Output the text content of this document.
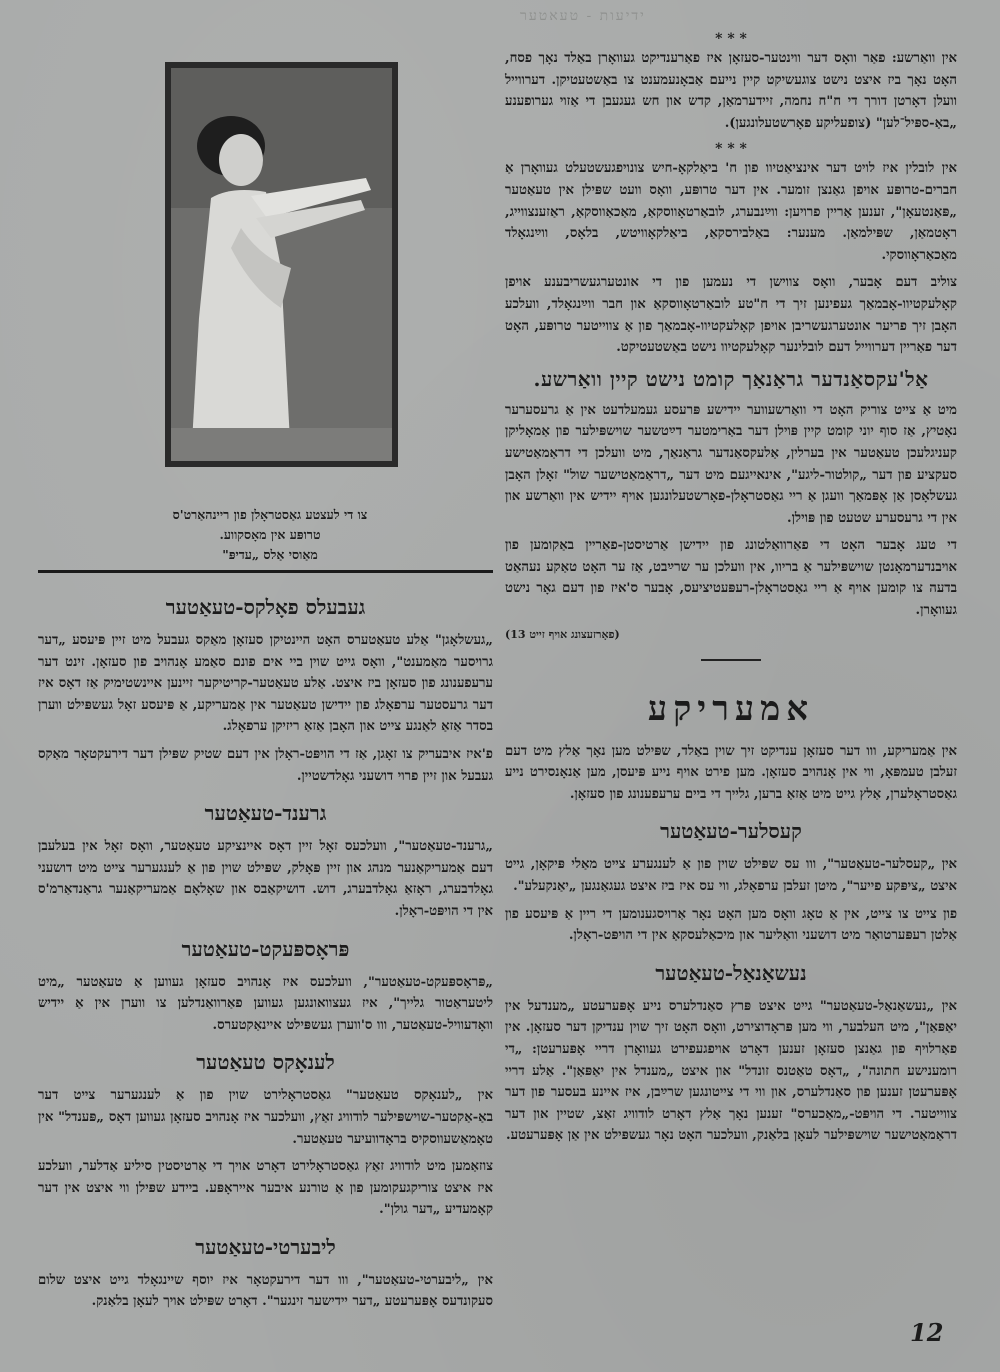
ידיעות - טעאטער
צו די לעצטע גאַסטראָלן פון ריינהאַרט'ס
טרופּע אין מאָסקווע.
מאַוסי אַלס „עדיפּ"

* * *

אין וואַרשע: פאַר וואָס דער ווינטער-סעזאָן איז פאַרענדיקט געוואָרן באַלד נאָך פסח, האָט נאָך ביז איצט נישט צוגעשיקט קיין נייעם אַבאָנעמענט צו באַשטעטיקן. דערווייל וועלן דאָרטן דורך די ח"ח נחמה, זיידערמאַן, קדש און חש געגעבן די אַזוי גערופענע „באַ-ספּיל־לען" (צופעליקע פאָרשטעלונגען).

* * *

אין לובלין איז לויט דער אינציאַטיוו פון ח' ביאַלקאָ-חיש צונויפגעשטעלט געוואָרן אַ חברים-טרופּע אויפן גאַנצן זומער. אין דער טרופּע, וואָס וועט שפּילן אין טעאַטער „פּאַנטעאָן", זענען אַריין פרויען: ווײַנבערג, לובאַרטאָווסקאַ, מאַכאַווסקאַ, ראַזענצווייג, ראָטמאַן, שפּילמאַן. מענער: באַלבירסקאַ, ביאַלקאָוויטש, בלאָס, ווײַנגאָלד מאַכאַראָווסקי.

צוליב דעם אָבער, וואָס צווישן די נעמען פון די אונטערגעשריבענע אויפן קאָלעקטיוו-אָבמאַך געפינען זיך די ח"טע לובאַרטאָווסקאַ און חבר ווײַנגאָלד, וועלכע האָבן זיך פריער אונטערגעשריבן אויפן קאָלעקטיוו-אָבמאַך פון אַ צווייטער טרופּע, האָט דער פאַריין דערווייל דעם לובלינער קאָלעקטיוו נישט באַשטעטיקט.

אַל'עקסאַנדער גראַנאַך קומט נישט קיין וואַרשע.

מיט אַ צייט צוריק האָט די וואַרשעווער יידישע פּרעסע געמעלדעט אין אַ גרעסערער נאָטיץ, אַז סוף יוני קומט קיין פּוילן דער באַרימטער דײַטשער שוישפּילער פון אַמאָליקן קעניגלעכן טעאַטער אין בערלין, אַלעקסאַנדער גראַנאַך, מיט וועלכן די דראַמאַטישע סעקציע פון דער „קולטור-ליגע", אינאייגעם מיט דער „דראַמאַטישער שול" זאָלן האָבן געשלאָסן אַן אָפּמאַך וועגן אַ ריי גאַסטראָלן-פאָרשטעלונגען אויף יידיש אין וואַרשע און אין די גרעסערע שטעט פון פּוילן.

די טעג אָבער האָט די פאַרוואַלטונג פון יידישן אַרטיסטן-פאַריין באַקומען פון אויבנדערמאָנטן שוישפּילער אַ בריוו, אין וועלכן ער שרײַבט, אַז ער האָט טאַקע נעהאַט בדעה צו קומען אויף אַ ריי גאַסטראָלן-רעפּעטיציעס, אָבער ס'איז פון דעם גאָר נישט געוואָרן.

(פאָרזעצונג אויף זייט 13)
אמעריקע

אין אַמעריקע, ווו דער סעזאָן ענדיקט זיך שוין באַלד, שפּילט מען נאָך אַלץ מיט דעם זעלבן טעמפּאָ, ווי אין אָנהויב סעזאָן. מען פירט אויף נייע פּיעסן, מען אַנאָנסירט נייע גאַסטראָלערן, אַלץ גייט מיט אַזאַ ברען, גלייך די ביים ערעפענונג פון סעזאָן.

קעסלער-טעאַטער

אין „קעסלער-טעאַטער", ווו עס שפּילט שוין פון אַ לענגערע צייט מאַלי פּיקאָן, גייט איצט „ציפּקע פייער", מיטן זעלבן ערפאָלג, ווי עס איז ביז איצט געגאַנגען „יאַנקעלע".

פון צייט צו צייט, אין אַ טאָג וואָס מען האָט נאָר אַרויסגענומען די ריין אַ פּיעסע פון אַלטן רעפּערטואַר מיט דושעני וואַליער און מיכאַלעסקאַ אין די הויפּט-ראָלן.

נעשאַנאַל-טעאַטער

אין „נעשאַנאַל-טעאַטער" גייט איצט פּרץ סאַנדלערס נייע אָפּערעטע „מענדעל אין יאַפּאַן", מיט העלבער, ווי מען פּראָדוצירט, וואָס האָט זיך שוין ענדיקן דער סעזאָן. אין פאַרלויף פון גאַנצן סעזאָן זענען דאָרט אויפגעפירט געוואָרן דריי אָפּערעטן: „די רומענישע חתונה", „דאָס טאַטנס זונדל" און איצט „מענדל אין יאַפּאַן". אַלע דריי אָפּערעטן זענען פון סאַנדלערס, און ווי די צייטונגען שרײַבן, איז איינע בעסער פון דער צווייטער. די הויפּט-„מאַכערס" זענען נאָך אַלץ דאָרט לודוויג זאַצ, שטיין און דער דראַמאַטישער שוישפּילער לעאָן בלאַנק, וועלכער האָט נאָר געשפּילט אין אַן אָפּערעטע.

געבעלס פאָלקס-טעאַטער

„געשלאָגן" אַלע טעאַטערס האָט היינטיקן סעזאָן מאַקס געבעל מיט זיין פּיעסע „דער גרויסער מאַמענט", וואָס גייט שוין ביי אים פונם סאַמע אָנהויב פון סעזאָן. זינט דער ערעפענונג פון סעזאָן ביז איצט. אַלע טעאַטער-קריטיקער זיינען איינשטימיק אַז דאָס איז דער גרעסטער ערפאָלג פון יידישן טעאַטער אין אַמעריקע, אַ פּיעסע זאָל געשפּילט ווערן בסדר אַזאַ לאַנגע צייט און האָבן אַזאַ ריזיקן ערפאָלג.

פ'איז איבעריק צו זאָגן, אַז די הויפּט-ראָלן אין דעם שטיק שפּילן דער דירעקטאָר מאַקס געבעל און זיין פרוי דושעני גאָלדשטיין.

גרענד-טעאַטער

„גרענד-טעאַטער", וועלכעס זאָל זיין דאָס איינציקע טעאַטער, וואָס זאָל אין בעלעבן דעם אַמעריקאַנער מנהג און זיין פּאָלק, שפּילט שוין פון אַ לענגערער צייט מיט דושעני גאָלדבערג, ראָזאַ גאָלדבערג, דוש. דושיקאַבס און שאָלאָם אַמעריקאַנער גראַנדאַרמ'ס אין די הויפּט-ראָלן.

פּראָספּעקט-טעאַטער

„פּראָספּעקט-טעאַטער", וועלכעס איז אָנהויב סעזאָן געווען אַ טעאַטער „מיט ליטעראַטור גלייך", איז געצוואונגען געווען פאַרוואַנדלען צו ווערן אין אַ יידיש וואָדעוויל-טעאַטער, ווו ס'ווערן געשפּילט איינאַקטערס.

לענאָקס טעאַטער

אין „לענאָקס טעאַטער" גאַסטראָלירט שוין פון אַ לענגערער צייט דער באַ-אַקטער-שוישפּילער לודוויג זאַץ, וועלכער איז אָנהויב סעזאָן געווען דאָס „פּענדל" אין טאָמאַשעווסקיס בראָדוועיער טעאַטער.

צוזאַמען מיט לודוויג זאַץ גאַסטראָלירט דאָרט אויך די אַרטיסטין סיליע אַדלער, וועלכע איז איצט צוריקגעקומען פון אַ טורנע איבער אייראָפּע. ביידע שפּילן ווי איצט אין דער קאָמעדיע „דער גולן".

ליבערטי-טעאַטער

אין „ליבערטי-טעאַטער", ווו דער דירעקטאָר איז יוסף שיינגאָלד גייט איצט שלום סעקונדעס אָפּערעטע „דער יידישער זינגער". דאָרט שפּילט אויך לעאָן בלאַנק.

12
